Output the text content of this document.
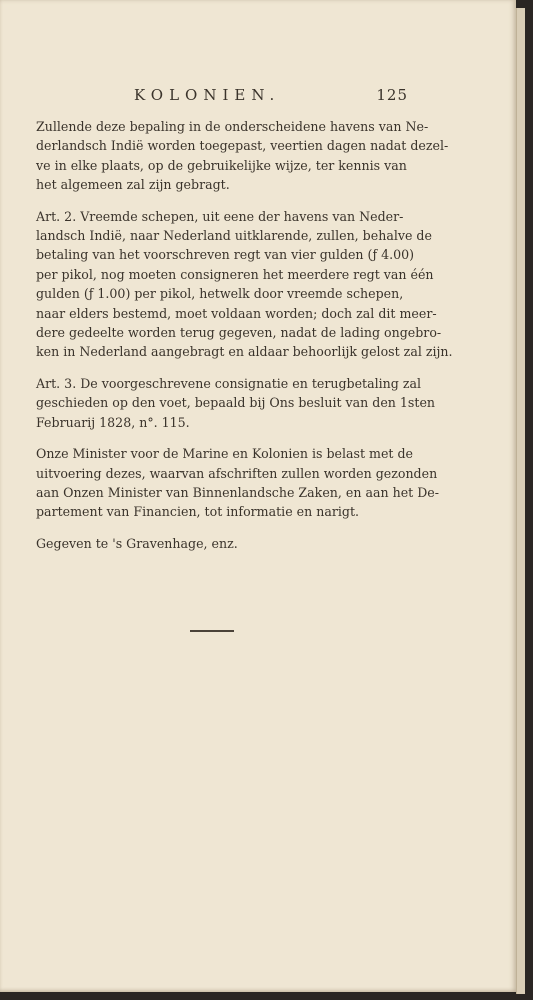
KOLONIEN.	125

Zullende deze bepaling in de onderscheidene havens van Ne-
derlandsch Indië worden toegepast, veertien dagen nadat dezel-
ve in elke plaats, op de gebruikelijke wijze, ter kennis van
het algemeen zal zijn gebragt.

Art. 2. Vreemde schepen, uit eene der havens van Neder-
landsch Indië, naar Nederland uitklarende, zullen, behalve de
betaling van het voorschreven regt van vier gulden (ƒ 4.00)
per pikol, nog moeten consigneren het meerdere regt van één
gulden (ƒ 1.00) per pikol, hetwelk door vreemde schepen,
naar elders bestemd, moet voldaan worden; doch zal dit meer-
dere gedeelte worden terug gegeven, nadat de lading ongebro-
ken in Nederland aangebragt en aldaar behoorlijk gelost zal zijn.

Art. 3. De voorgeschrevene consignatie en terugbetaling zal
geschieden op den voet, bepaald bij Ons besluit van den 1sten
Februarij 1828, n°. 115.

Onze Minister voor de Marine en Kolonien is belast met de
uitvoering dezes, waarvan afschriften zullen worden gezonden
aan Onzen Minister van Binnenlandsche Zaken, en aan het De-
partement van Financien, tot informatie en narigt.

Gegeven te 's Gravenhage, enz.
